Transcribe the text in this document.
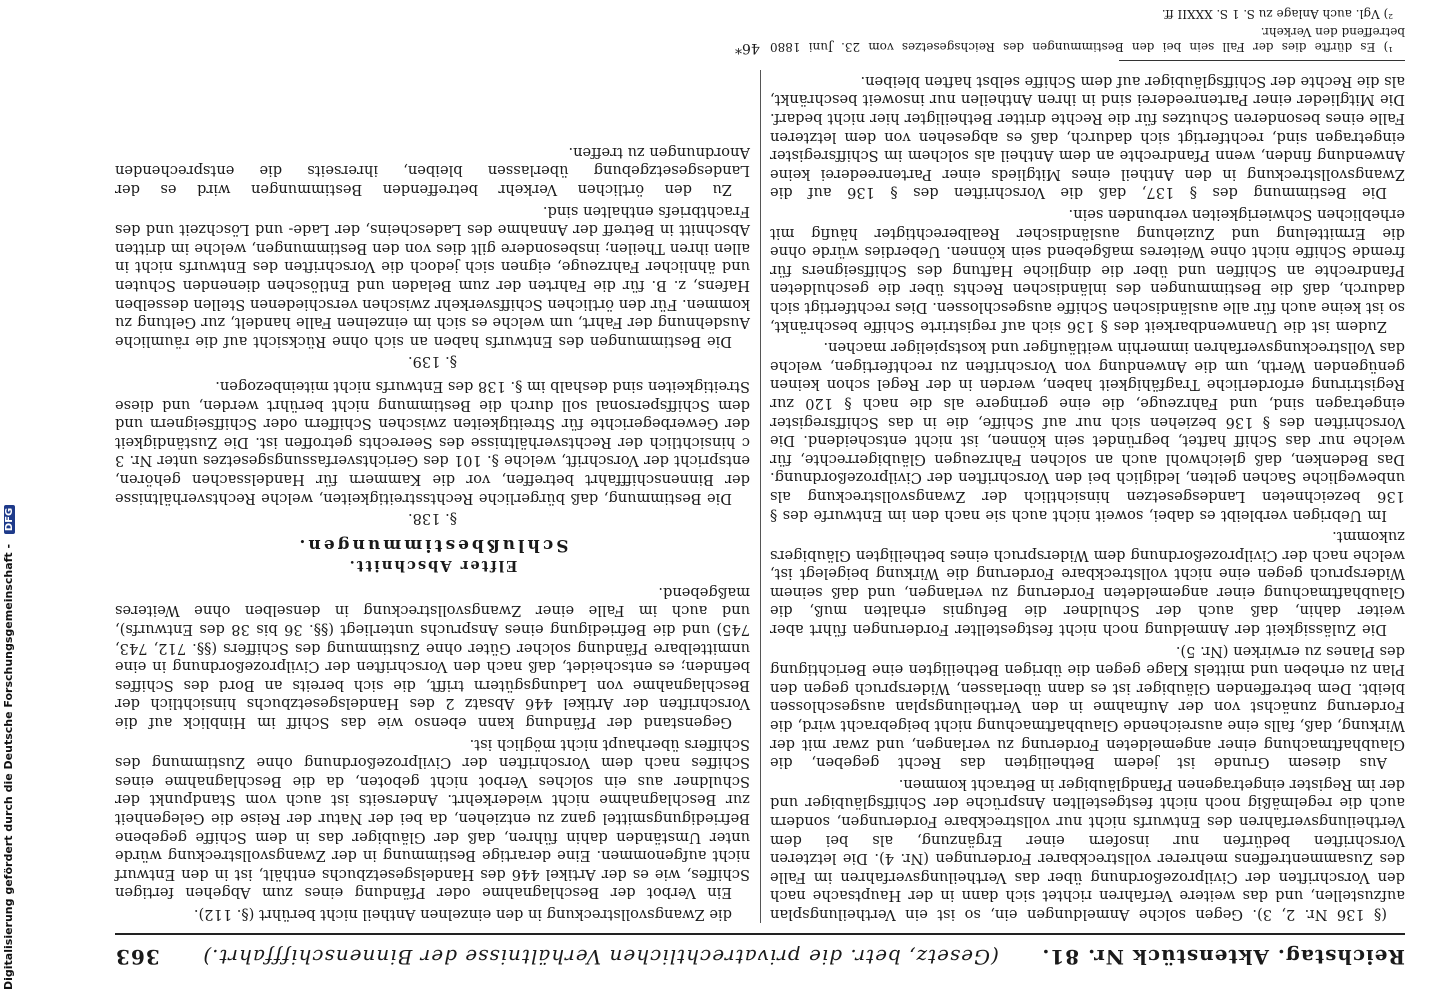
Digitalisierung gefördert durch die Deutsche Forschungsgemeinschaft - DFG
Reichstag. Aktenstück Nr. 81.
(Gesetz, betr. die privatrechtlichen Verhältnisse der Binnenschifffahrt.)
363

(§ 136 Nr. 2, 3). Gegen solche Anmeldungen ein, so ist ein Vertheilungsplan aufzustellen, und das weitere Verfahren richtet sich dann in der Hauptsache nach den Vorschriften der Civilprozeßordnung über das Vertheilungsverfahren im Falle des Zusammentreffens mehrerer vollstreckbarer Forderungen (Nr. 4). Die letzteren Vorschriften bedürfen nur insofern einer Ergänzung, als bei dem Vertheilungsverfahren des Entwurfs nicht nur vollstreckbare Forderungen, sondern auch die regelmäßig noch nicht festgestellten Ansprüche der Schiffsgläubiger und der im Register eingetragenen Pfandgläubiger in Betracht kommen.

Aus diesem Grunde ist jedem Betheiligten das Recht gegeben, die Glaubhaftmachung einer angemeldeten Forderung zu verlangen, und zwar mit der Wirkung, daß, falls eine ausreichende Glaubhaftmachung nicht beigebracht wird, die Forderung zunächst von der Aufnahme in den Vertheilungsplan ausgeschlossen bleibt. Dem betreffenden Gläubiger ist es dann überlassen, Widerspruch gegen den Plan zu erheben und mittels Klage gegen die übrigen Betheiligten eine Berichtigung des Planes zu erwirken (Nr. 5).

Die Zulässigkeit der Anmeldung noch nicht festgestellter Forderungen führt aber weiter dahin, daß auch der Schuldner die Befugnis erhalten muß, die Glaubhaftmachung einer angemeldeten Forderung zu verlangen, und daß seinem Widerspruch gegen eine nicht vollstreckbare Forderung die Wirkung beigelegt ist, welche nach der Civilprozeßordnung dem Widerspruch eines betheiligten Gläubigers zukommt.

Im Uebrigen verbleibt es dabei, soweit nicht auch sie nach den im Entwurfe des § 136 bezeichneten Landesgesetzen hinsichtlich der Zwangsvollstreckung als unbewegliche Sachen gelten, lediglich bei den Vorschriften der Civilprozeßordnung. Das Bedenken, daß gleichwohl auch an solchen Fahrzeugen Gläubigerrechte, für welche nur das Schiff haftet, begründet sein können, ist nicht entscheidend. Die Vorschriften des § 136 beziehen sich nur auf Schiffe, die in das Schiffsregister eingetragen sind, und Fahrzeuge, die eine geringere als die nach § 120 zur Registrirung erforderliche Tragfähigkeit haben, werden in der Regel schon keinen genügenden Werth, um die Anwendung von Vorschriften zu rechtfertigen, welche das Vollstreckungsverfahren immerhin weitläufiger und kostspieliger machen.

Zudem ist die Unanwendbarkeit des § 136 sich auf registrirte Schiffe beschränkt, so ist keine auch für alle ausländischen Schiffe ausgeschlossen. Dies rechtfertigt sich dadurch, daß die Bestimmungen des inländischen Rechts über die geschuldeten Pfandrechte an Schiffen und über die dingliche Haftung des Schiffseigners für fremde Schiffe nicht ohne Weiteres maßgebend sein können. Ueberdies würde ohne die Ermittelung und Zuziehung ausländischer Realberechtigter häufig mit erheblichen Schwierigkeiten verbunden sein.

Die Bestimmung des § 137, daß die Vorschriften des § 136 auf die Zwangsvollstreckung in den Antheil eines Mitglieds einer Partenreederei keine Anwendung finden, wenn Pfandrechte an dem Antheil als solchem im Schiffsregister eingetragen sind, rechtfertigt sich dadurch, daß es abgesehen von dem letzteren Falle eines besonderen Schutzes für die Rechte dritter Betheiligter hier nicht bedarf. Die Mitglieder einer Partenreederei sind in ihren Antheilen nur insoweit beschränkt, als die Rechte der Schiffsgläubiger auf dem Schiffe selbst haften bleiben.

¹) Es dürfte dies der Fall sein bei den Bestimmungen des Reichsgesetzes vom 23. Juni 1880 betreffend den Verkehr.

²) Vgl. auch Anlage zu S. 1 S. XXXII ff.

die Zwangsvollstreckung in den einzelnen Antheil nicht berührt (§. 112).

Ein Verbot der Beschlagnahme oder Pfändung eines zum Abgehen fertigen Schiffes, wie es der Artikel 446 des Handelsgesetzbuchs enthält, ist in den Entwurf nicht aufgenommen. Eine derartige Bestimmung in der Zwangsvollstreckung würde unter Umständen dahin führen, daß der Gläubiger das in dem Schiffe gegebene Befriedigungsmittel ganz zu entziehen, da bei der Natur der Reise die Gelegenheit zur Beschlagnahme nicht wiederkehrt. Anderseits ist auch vom Standpunkt der Schuldner aus ein solches Verbot nicht geboten, da die Beschlagnahme eines Schiffes nach dem Vorschriften der Civilprozeßordnung ohne Zustimmung des Schiffers überhaupt nicht möglich ist.

Gegenstand der Pfändung kann ebenso wie das Schiff im Hinblick auf die Vorschriften der Artikel 446 Absatz 2 des Handelsgesetzbuchs hinsichtlich der Beschlagnahme von Ladungsgütern trifft, die sich bereits an Bord des Schiffes befinden; es entscheidet, daß nach den Vorschriften der Civilprozeßordnung in eine unmittelbare Pfändung solcher Güter ohne Zustimmung des Schiffers (§§. 712, 743, 745) und die Befriedigung eines Anspruchs unterliegt (§§. 36 bis 38 des Entwurfs), und auch im Falle einer Zwangsvollstreckung in denselben ohne Weiteres maßgebend.

Elfter Abschnitt.

Schlußbestimmungen.

§. 138.

Die Bestimmung, daß bürgerliche Rechtsstreitigkeiten, welche Rechtsverhältnisse der Binnenschifffahrt betreffen, vor die Kammern für Handelssachen gehören, entspricht der Vorschrift, welche §. 101 des Gerichtsverfassungsgesetzes unter Nr. 3 c hinsichtlich der Rechtsverhältnisse des Seerechts getroffen ist. Die Zuständigkeit der Gewerbegerichte für Streitigkeiten zwischen Schiffern oder Schiffseignern und dem Schiffspersonal soll durch die Bestimmung nicht berührt werden, und diese Streitigkeiten sind deshalb im §. 138 des Entwurfs nicht miteinbezogen.

§. 139.

Die Bestimmungen des Entwurfs haben an sich ohne Rücksicht auf die räumliche Ausdehnung der Fahrt, um welche es sich im einzelnen Falle handelt, zur Geltung zu kommen. Für den örtlichen Schiffsverkehr zwischen verschiedenen Stellen desselben Hafens, z. B. für die Fahrten der zum Beladen und Entlöschen dienenden Schuten und ähnlicher Fahrzeuge, eignen sich jedoch die Vorschriften des Entwurfs nicht in allen ihren Theilen; insbesondere gilt dies von den Bestimmungen, welche im dritten Abschnitt in Betreff der Annahme des Ladescheins, der Lade- und Löschzeit und des Frachtbriefs enthalten sind.

Zu den örtlichen Verkehr betreffenden Bestimmungen wird es der Landesgesetzgebung überlassen bleiben, ihrerseits die entsprechenden Anordnungen zu treffen.

46*
